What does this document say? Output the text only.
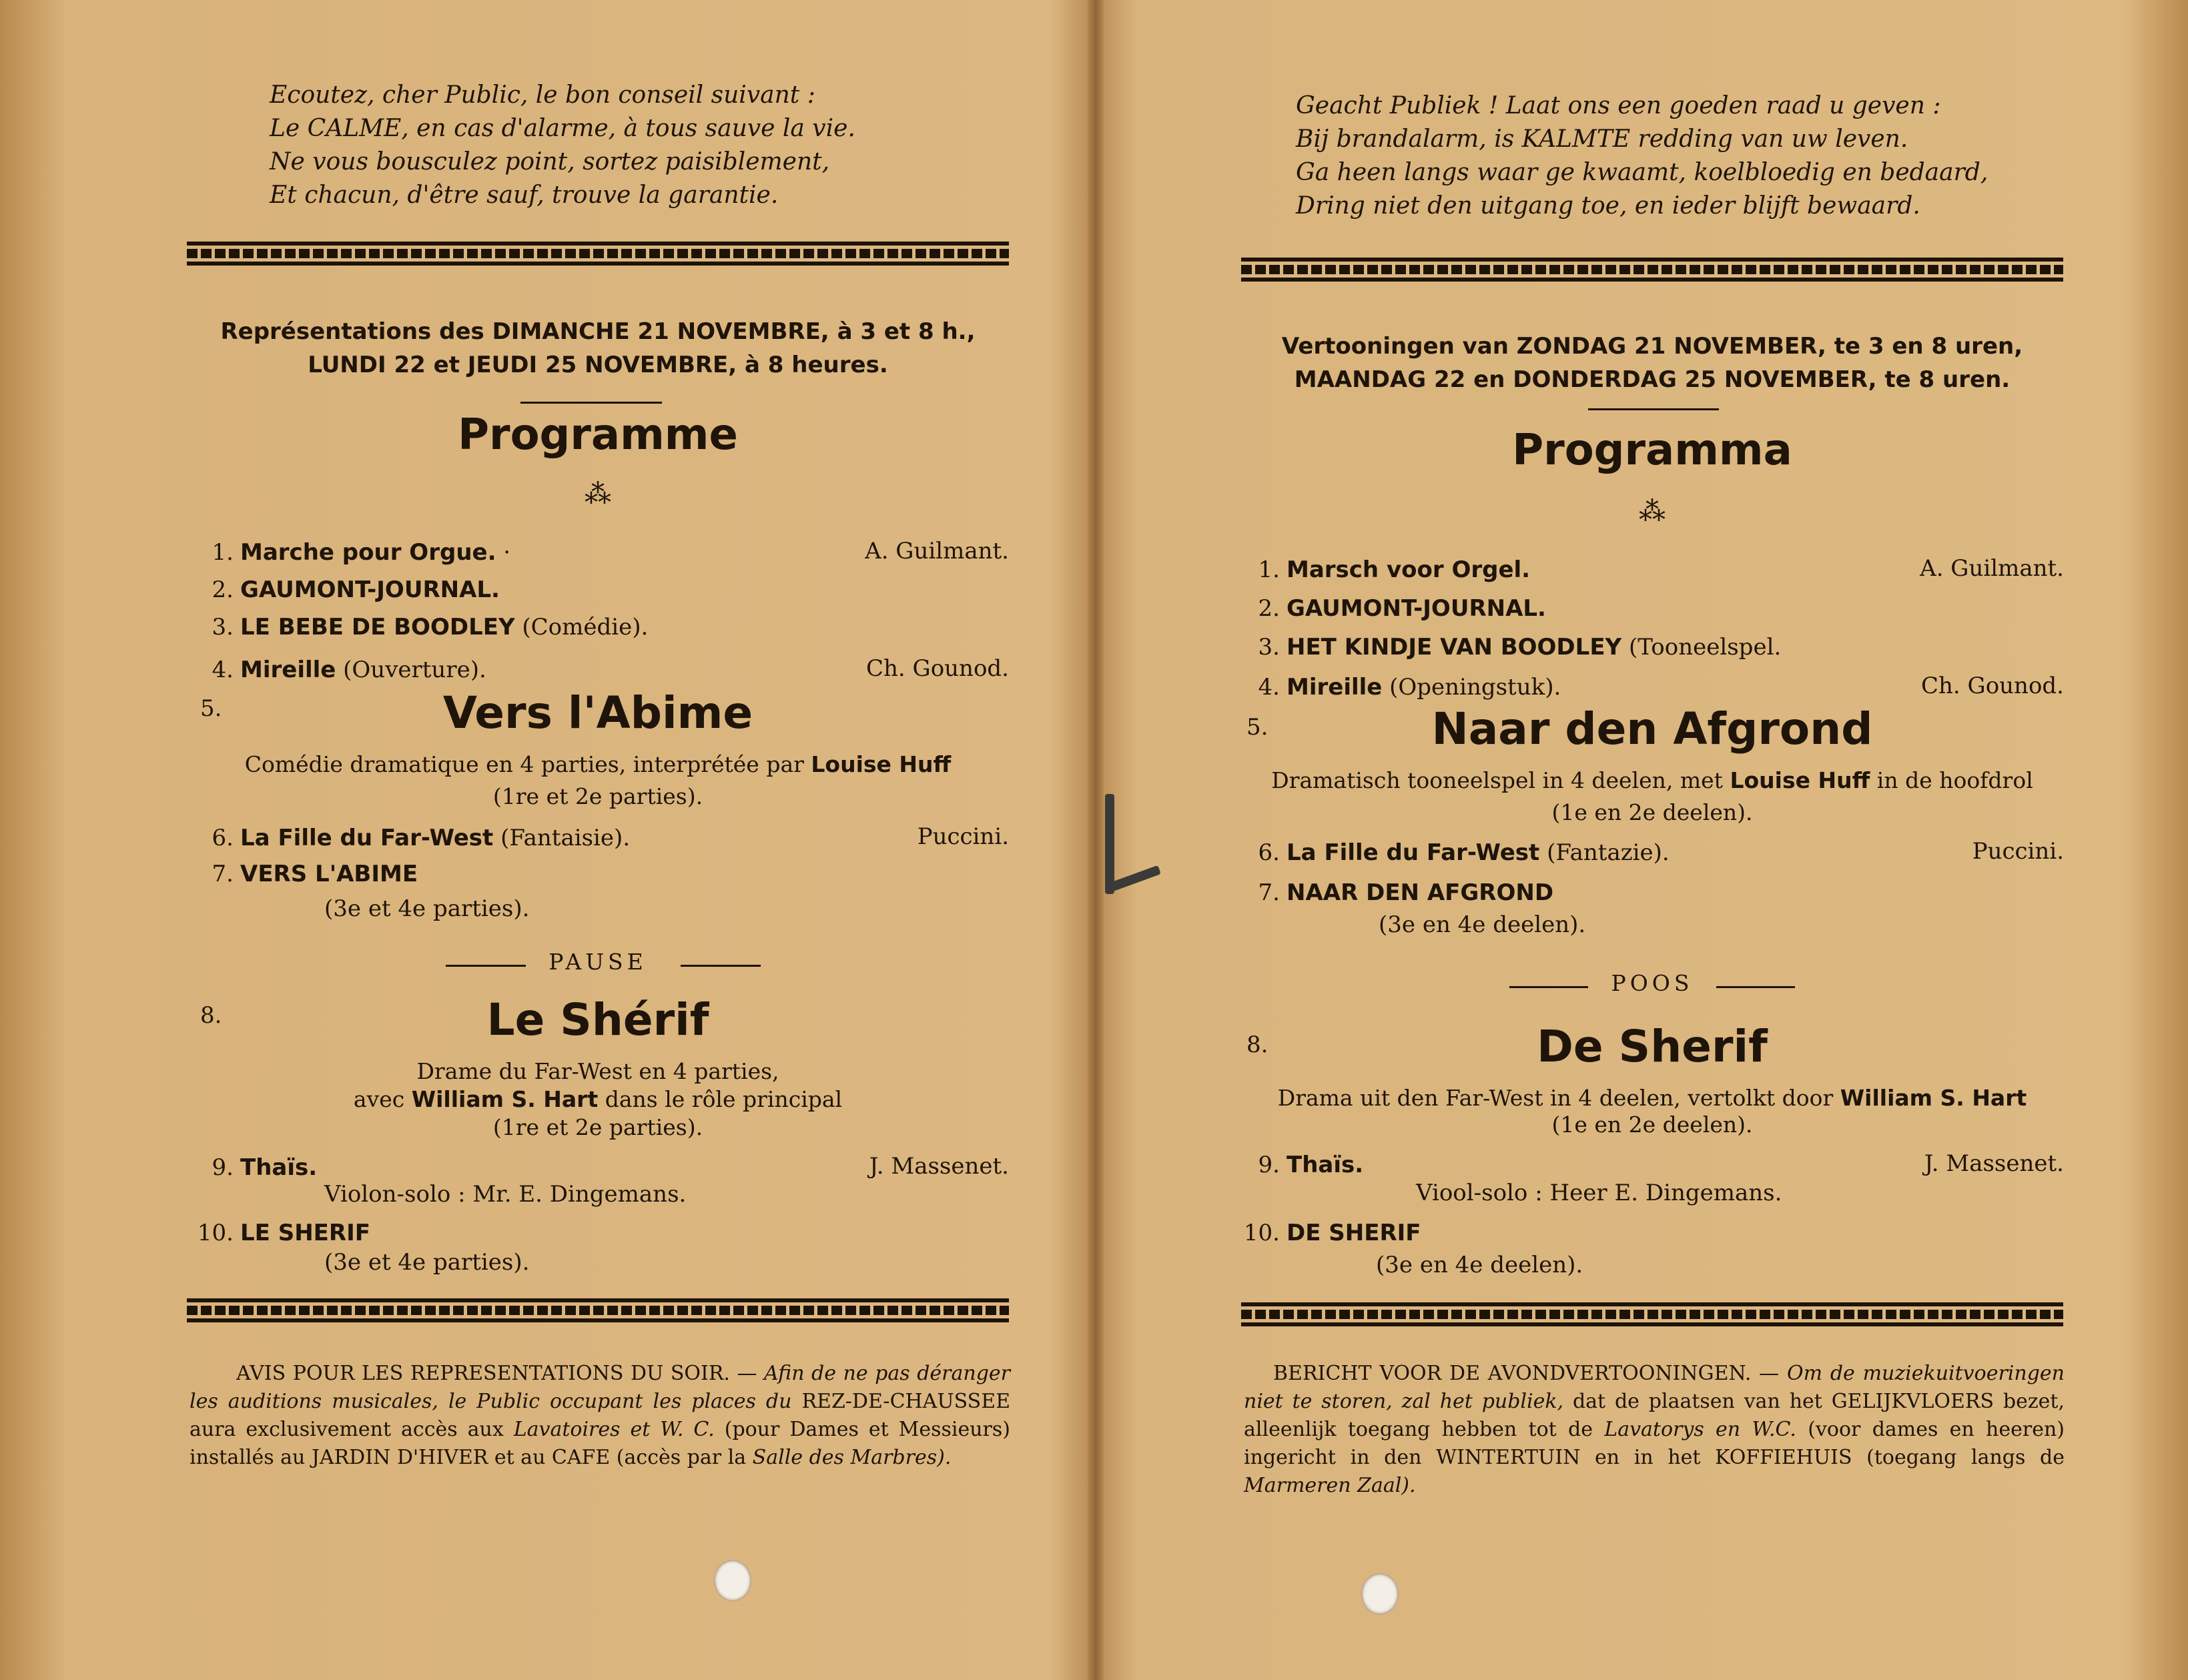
Ecoutez, cher Public, le bon conseil suivant :
Le CALME, en cas d'alarme, à tous sauve la vie.
Ne vous bousculez point, sortez paisiblement,
Et chacun, d'être sauf, trouve la garantie.
Représentations des DIMANCHE 21 NOVEMBRE, à 3 et 8 h.,
LUNDI 22 et JEUDI 25 NOVEMBRE, à 8 heures.
Programme
⁂
1. Marche pour Orgue. ·	A. Guilmant.
2. GAUMONT-JOURNAL.
3. LE BEBE DE BOODLEY (Comédie).
4. Mireille (Ouverture).	Ch. Gounod.
5.	Vers l'Abime
Comédie dramatique en 4 parties, interprétée par Louise Huff
(1re et 2e parties).
6. La Fille du Far-West (Fantaisie).	Puccini.
7. VERS L'ABIME
(3e et 4e parties).
PAUSE
8.	Le Shérif
Drame du Far-West en 4 parties,
avec William S. Hart dans le rôle principal
(1re et 2e parties).
9. Thaïs.	J. Massenet.
Violon-solo : Mr. E. Dingemans.
10. LE SHERIF
(3e et 4e parties).
AVIS POUR LES REPRESENTATIONS DU SOIR. — Afin de ne pas déranger les auditions musicales, le Public occupant les places du REZ-DE-CHAUSSEE aura exclusivement accès aux Lavatoires et W. C. (pour Dames et Messieurs) installés au JARDIN D'HIVER et au CAFE (accès par la Salle des Marbres).
Geacht Publiek ! Laat ons een goeden raad u geven :
Bij brandalarm, is KALMTE redding van uw leven.
Ga heen langs waar ge kwaamt, koelbloedig en bedaard,
Dring niet den uitgang toe, en ieder blijft bewaard.
Vertooningen van ZONDAG 21 NOVEMBER, te 3 en 8 uren,
MAANDAG 22 en DONDERDAG 25 NOVEMBER, te 8 uren.
Programma
⁂
1. Marsch voor Orgel.	A. Guilmant.
2. GAUMONT-JOURNAL.
3. HET KINDJE VAN BOODLEY (Tooneelspel.
4. Mireille (Openingstuk).	Ch. Gounod.
5.	Naar den Afgrond
Dramatisch tooneelspel in 4 deelen, met Louise Huff in de hoofdrol
(1e en 2e deelen).
6. La Fille du Far-West (Fantazie).	Puccini.
7. NAAR DEN AFGROND
(3e en 4e deelen).
POOS
8.	De Sherif
Drama uit den Far-West in 4 deelen, vertolkt door William S. Hart
(1e en 2e deelen).
9. Thaïs.	J. Massenet.
Viool-solo : Heer E. Dingemans.
10. DE SHERIF
(3e en 4e deelen).
BERICHT VOOR DE AVONDVERTOONINGEN. — Om de muziekuitvoeringen niet te storen, zal het publiek, dat de plaatsen van het GELIJKVLOERS bezet, alleenlijk toegang hebben tot de Lavatorys en W.C. (voor dames en heeren) ingericht in den WINTERTUIN en in het KOFFIEHUIS (toegang langs de Marmeren Zaal).
